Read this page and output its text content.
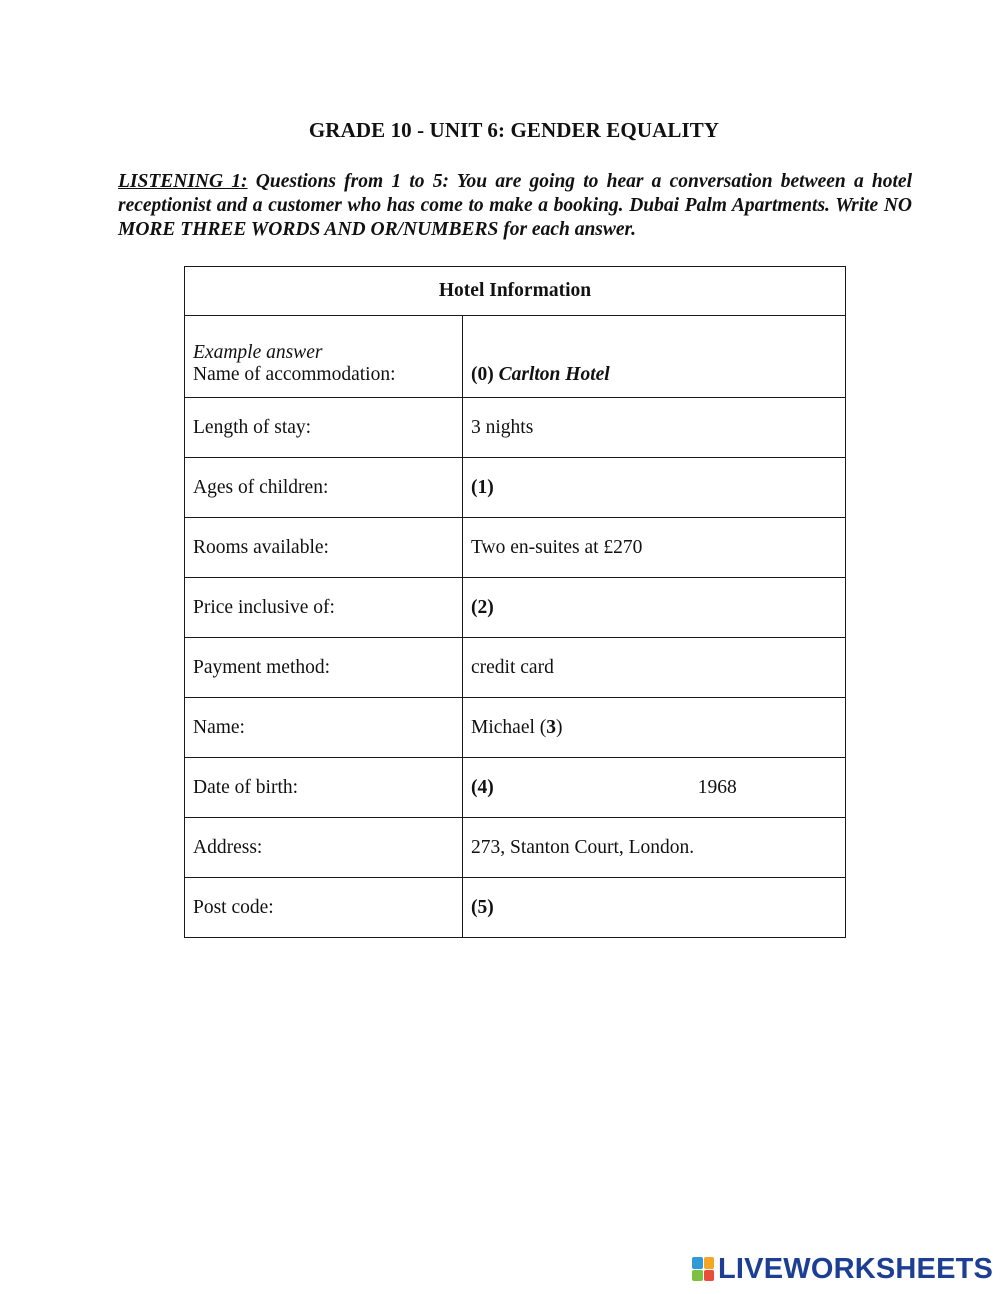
GRADE 10 - UNIT 6: GENDER EQUALITY
LISTENING 1: Questions from 1 to 5: You are going to hear a conversation between a hotel receptionist and a customer who has come to make a booking. Dubai Palm Apartments. Write NO MORE THREE WORDS AND OR/NUMBERS for each answer.
Hotel Information	

Example answer
Name of accommodation:	(0) Carlton Hotel
Length of stay:	3 nights
Ages of children:	(1)
Rooms available:	Two en-suites at £270
Price inclusive of:	(2)
Payment method:	credit card
Name:	Michael (3)
Date of birth:	(4) 1968
Address:	273, Stanton Court, London.
Post code:	(5)
LIVEWORKSHEETS
